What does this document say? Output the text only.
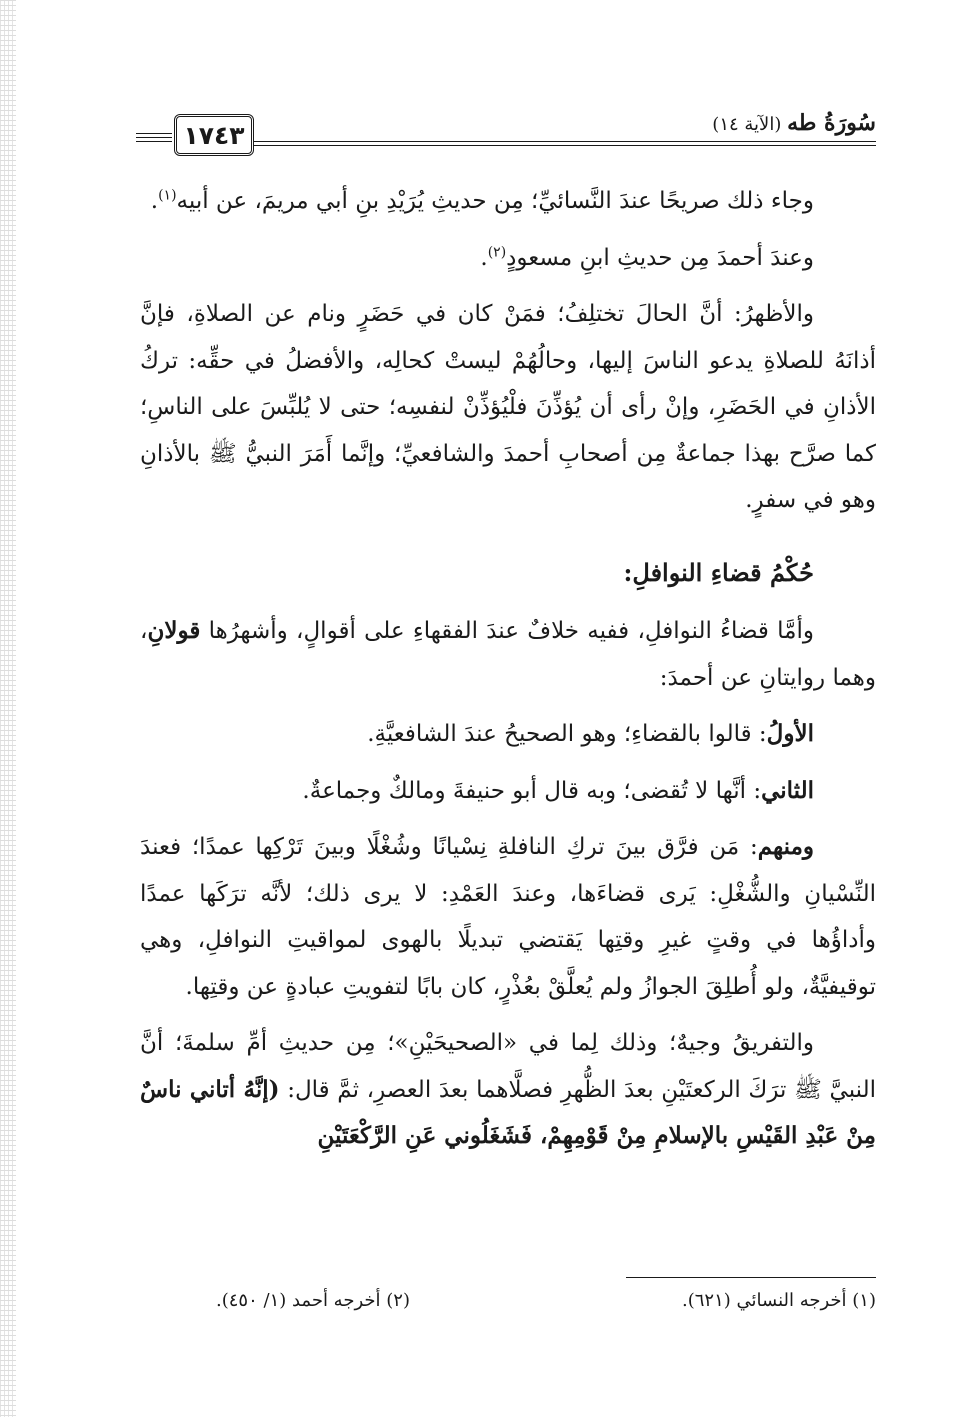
١٧٤٣	سُورَةُ طه (الآية ١٤)

وجاء ذلك صريحًا عندَ النَّسائيِّ؛ مِن حديثِ يُرَيْدِ بنِ أبي مريمَ، عن أبيه$^{(١)}$.

وعندَ أحمدَ مِن حديثِ ابنِ مسعودٍ$^{(٢)}$.

والأظهرُ: أنَّ الحالَ تختلِفُ؛ فمَنْ كان في حَضَرٍ ونام عن الصلاةِ، فإنَّ أذانَهُ للصلاةِ يدعو الناسَ إليها، وحالُهُمْ ليستْ كحالِه، والأفضلُ في حقِّه: تركُ الأذانِ في الحَضَرِ، وإنْ رأى أن يُؤذِّنَ فلْيُؤذِّنْ لنفسِه؛ حتى لا يُلبِّسَ على الناسِ؛ كما صرَّح بهذا جماعةٌ مِن أصحابِ أحمدَ والشافعيِّ؛ وإنَّما أَمَرَ النبيُّ ﷺ بالأذانِ وهو في سفرٍ.

حُكْمُ قضاءِ النوافلِ:

وأمَّا قضاءُ النوافلِ، ففيه خلافٌ عندَ الفقهاءِ على أقوالٍ، وأشهرُها قولانِ، وهما روايتانِ عن أحمدَ:

الأولُ: قالوا بالقضاءِ؛ وهو الصحيحُ عندَ الشافعيَّةِ.

الثاني: أنَّها لا تُقضى؛ وبه قال أبو حنيفةَ ومالكٌ وجماعةٌ.

ومنهم: مَن فرَّق بينَ تركِ النافلةِ نِسْيانًا وشُغْلًا وبينَ تَرْكِها عمدًا؛ فعندَ النِّسْيانِ والشُّغْلِ: يَرى قضاءَها، وعندَ العَمْدِ: لا يرى ذلك؛ لأنَّه ترَكَها عمدًا وأداؤُها في وقتٍ غيرِ وقتِها يَقتضي تبديلًا بالهوى لمواقيتِ النوافلِ، وهي توقيفيَّةٌ، ولو أُطلِقَ الجوازُ ولم يُعلَّقْ بعُذْرٍ، كان بابًا لتفويتِ عبادةٍ عن وقتِها.

والتفريقُ وجيهٌ؛ وذلك لِما في «الصحيحَيْنِ»؛ مِن حديثِ أمِّ سلمةَ؛ أنَّ النبيَّ ﷺ ترَكَ الركعتَيْنِ بعدَ الظُّهرِ فصلَّاهما بعدَ العصرِ، ثمَّ قال: (إنَّهُ أتاني ناسٌ مِنْ عَبْدِ القَيْسِ بالإسلامِ مِنْ قَوْمِهِمْ، فَشَغَلُوني عَنِ الرَّكْعَتَيْنِ

(١) أخرجه النسائي (٦٢١).
(٢) أخرجه أحمد (١/ ٤٥٠).
